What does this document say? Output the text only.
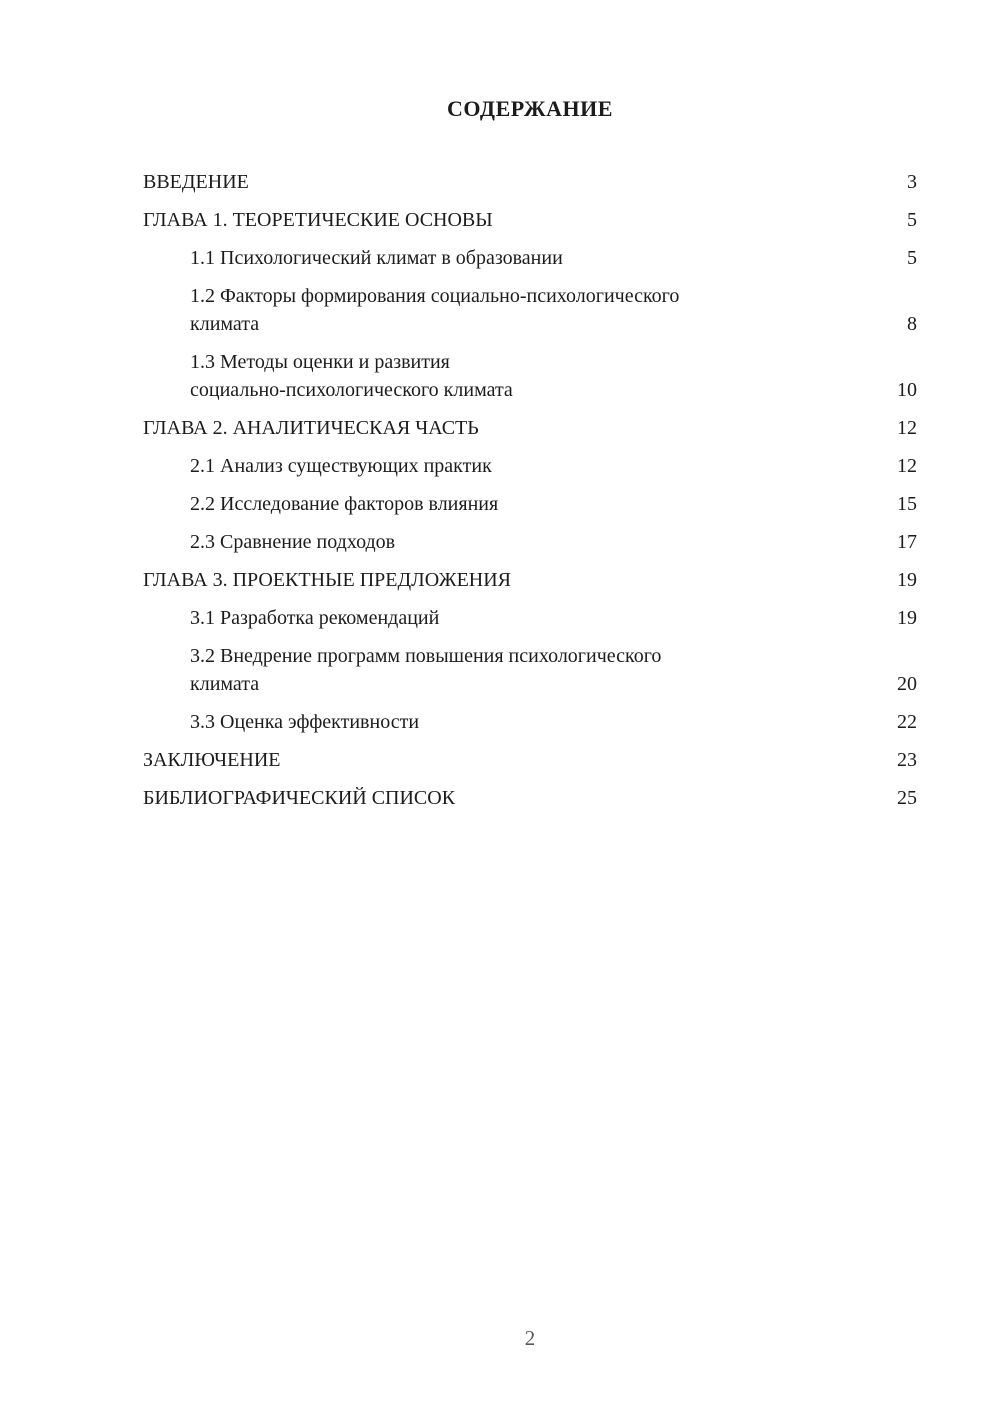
СОДЕРЖАНИЕ
ВВЕДЕНИЕ	3
ГЛАВА 1. ТЕОРЕТИЧЕСКИЕ ОСНОВЫ	5
1.1 Психологический климат в образовании	5
1.2 Факторы формирования социально-психологического
климата	8
1.3 Методы оценки и развития
социально-психологического климата	10
ГЛАВА 2. АНАЛИТИЧЕСКАЯ ЧАСТЬ	12
2.1 Анализ существующих практик	12
2.2 Исследование факторов влияния	15
2.3 Сравнение подходов	17
ГЛАВА 3. ПРОЕКТНЫЕ ПРЕДЛОЖЕНИЯ	19
3.1 Разработка рекомендаций	19
3.2 Внедрение программ повышения психологического
климата	20
3.3 Оценка эффективности	22
ЗАКЛЮЧЕНИЕ	23
БИБЛИОГРАФИЧЕСКИЙ СПИСОК	25
2
